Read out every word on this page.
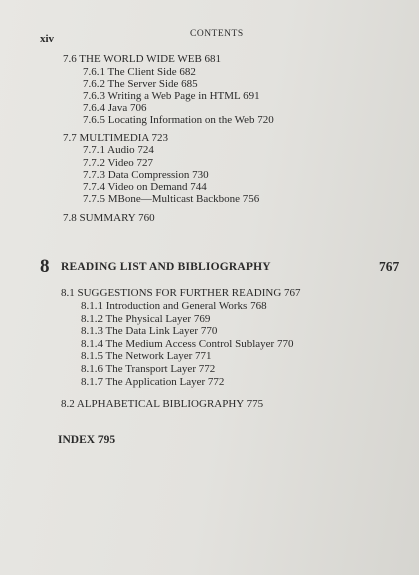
xiv	CONTENTS
7.6 THE WORLD WIDE WEB 681
7.6.1 The Client Side 682
7.6.2 The Server Side 685
7.6.3 Writing a Web Page in HTML 691
7.6.4 Java 706
7.6.5 Locating Information on the Web 720
7.7 MULTIMEDIA 723
7.7.1 Audio 724
7.7.2 Video 727
7.7.3 Data Compression 730
7.7.4 Video on Demand 744
7.7.5 MBone—Multicast Backbone 756
7.8 SUMMARY 760
8 READING LIST AND BIBLIOGRAPHY	767
8.1 SUGGESTIONS FOR FURTHER READING 767
8.1.1 Introduction and General Works 768
8.1.2 The Physical Layer 769
8.1.3 The Data Link Layer 770
8.1.4 The Medium Access Control Sublayer 770
8.1.5 The Network Layer 771
8.1.6 The Transport Layer 772
8.1.7 The Application Layer 772
8.2 ALPHABETICAL BIBLIOGRAPHY 775
INDEX 795
